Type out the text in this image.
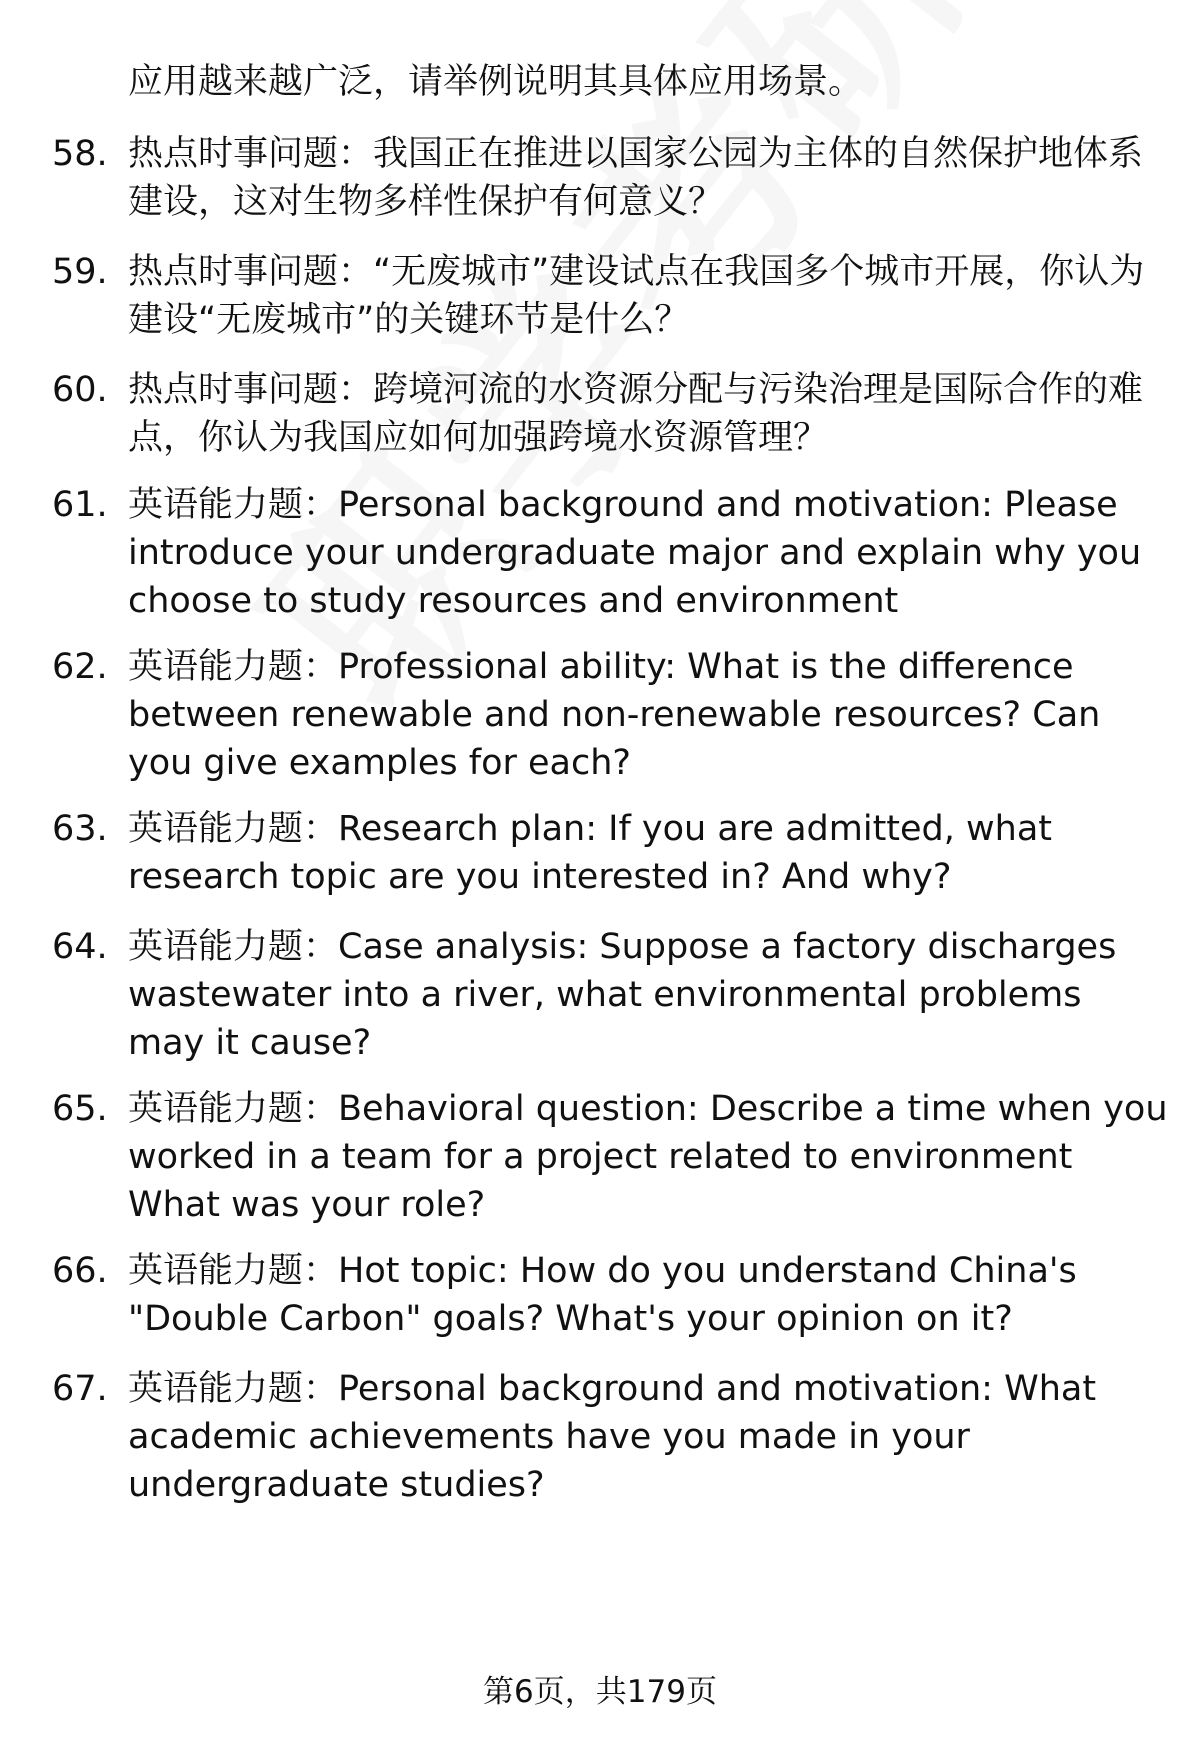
应用越来越广泛，请举例说明其具体应用场景。
58. 热点时事问题：我国正在推进以国家公园为主体的自然保护地体系建设，这对生物多样性保护有何意义？
59. 热点时事问题：“无废城市”建设试点在我国多个城市开展，你认为建设“无废城市”的关键环节是什么？
60. 热点时事问题：跨境河流的水资源分配与污染治理是国际合作的难点，你认为我国应如何加强跨境水资源管理？
61. 英语能力题：Personal background and motivation: Please introduce your undergraduate major and explain why you choose to study resources and environment
62. 英语能力题：Professional ability: What is the difference between renewable and non-renewable resources? Can you give examples for each?
63. 英语能力题：Research plan: If you are admitted, what research topic are you interested in? And why?
64. 英语能力题：Case analysis: Suppose a factory discharges wastewater into a river, what environmental problems may it cause?
65. 英语能力题：Behavioral question: Describe a time when you worked in a team for a project related to environment What was your role?
66. 英语能力题：Hot topic: How do you understand China's "Double Carbon" goals? What's your opinion on it?
67. 英语能力题：Personal background and motivation: What academic achievements have you made in your undergraduate studies?
第6页，共179页
